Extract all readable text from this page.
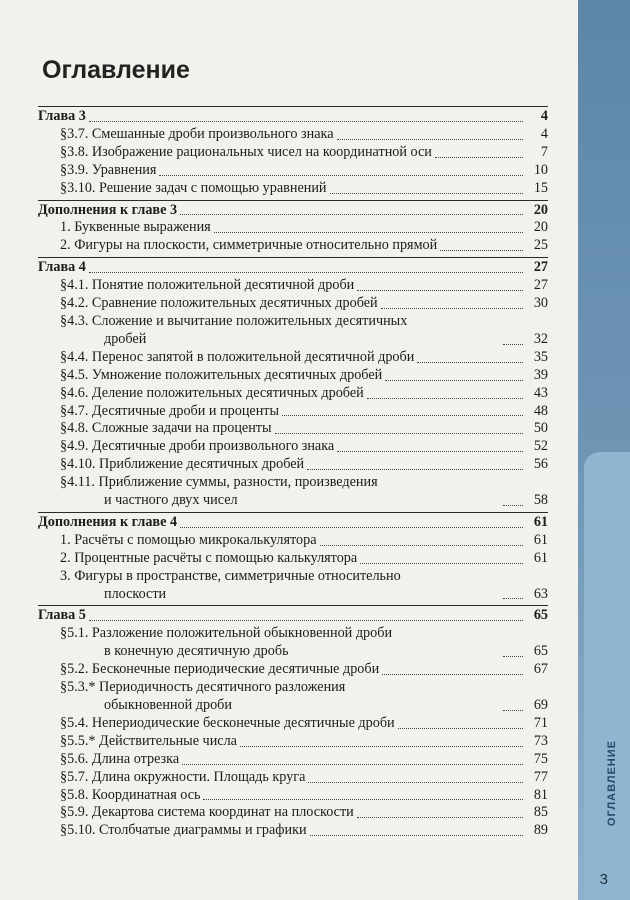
ОГЛАВЛЕНИЕ
Оглавление
Глава 3	4
§3.7. Смешанные дроби произвольного знака	4
§3.8. Изображение рациональных чисел на координатной оси	7
§3.9. Уравнения	10
§3.10. Решение задач с помощью уравнений	15
Дополнения к главе 3	20
1. Буквенные выражения	20
2. Фигуры на плоскости, симметричные относительно прямой	25
Глава 4	27
§4.1. Понятие положительной десятичной дроби	27
§4.2. Сравнение положительных десятичных дробей	30
§4.3. Сложение и вычитание положительных десятичных
дробей	32
§4.4. Перенос запятой в положительной десятичной дроби	35
§4.5. Умножение положительных десятичных дробей	39
§4.6. Деление положительных десятичных дробей	43
§4.7. Десятичные дроби и проценты	48
§4.8. Сложные задачи на проценты	50
§4.9. Десятичные дроби произвольного знака	52
§4.10. Приближение десятичных дробей	56
§4.11. Приближение суммы, разности, произведения
и частного двух чисел	58
Дополнения к главе 4	61
1. Расчёты с помощью микрокалькулятора	61
2. Процентные расчёты с помощью калькулятора	61
3. Фигуры в пространстве, симметричные относительно
плоскости	63
Глава 5	65
§5.1. Разложение положительной обыкновенной дроби
в конечную десятичную дробь	65
§5.2. Бесконечные периодические десятичные дроби	67
§5.3.* Периодичность десятичного разложения
обыкновенной дроби	69
§5.4. Непериодические бесконечные десятичные дроби	71
§5.5.* Действительные числа	73
§5.6. Длина отрезка	75
§5.7. Длина окружности. Площадь круга	77
§5.8. Координатная ось	81
§5.9. Декартова система координат на плоскости	85
§5.10. Столбчатые диаграммы и графики	89
3
